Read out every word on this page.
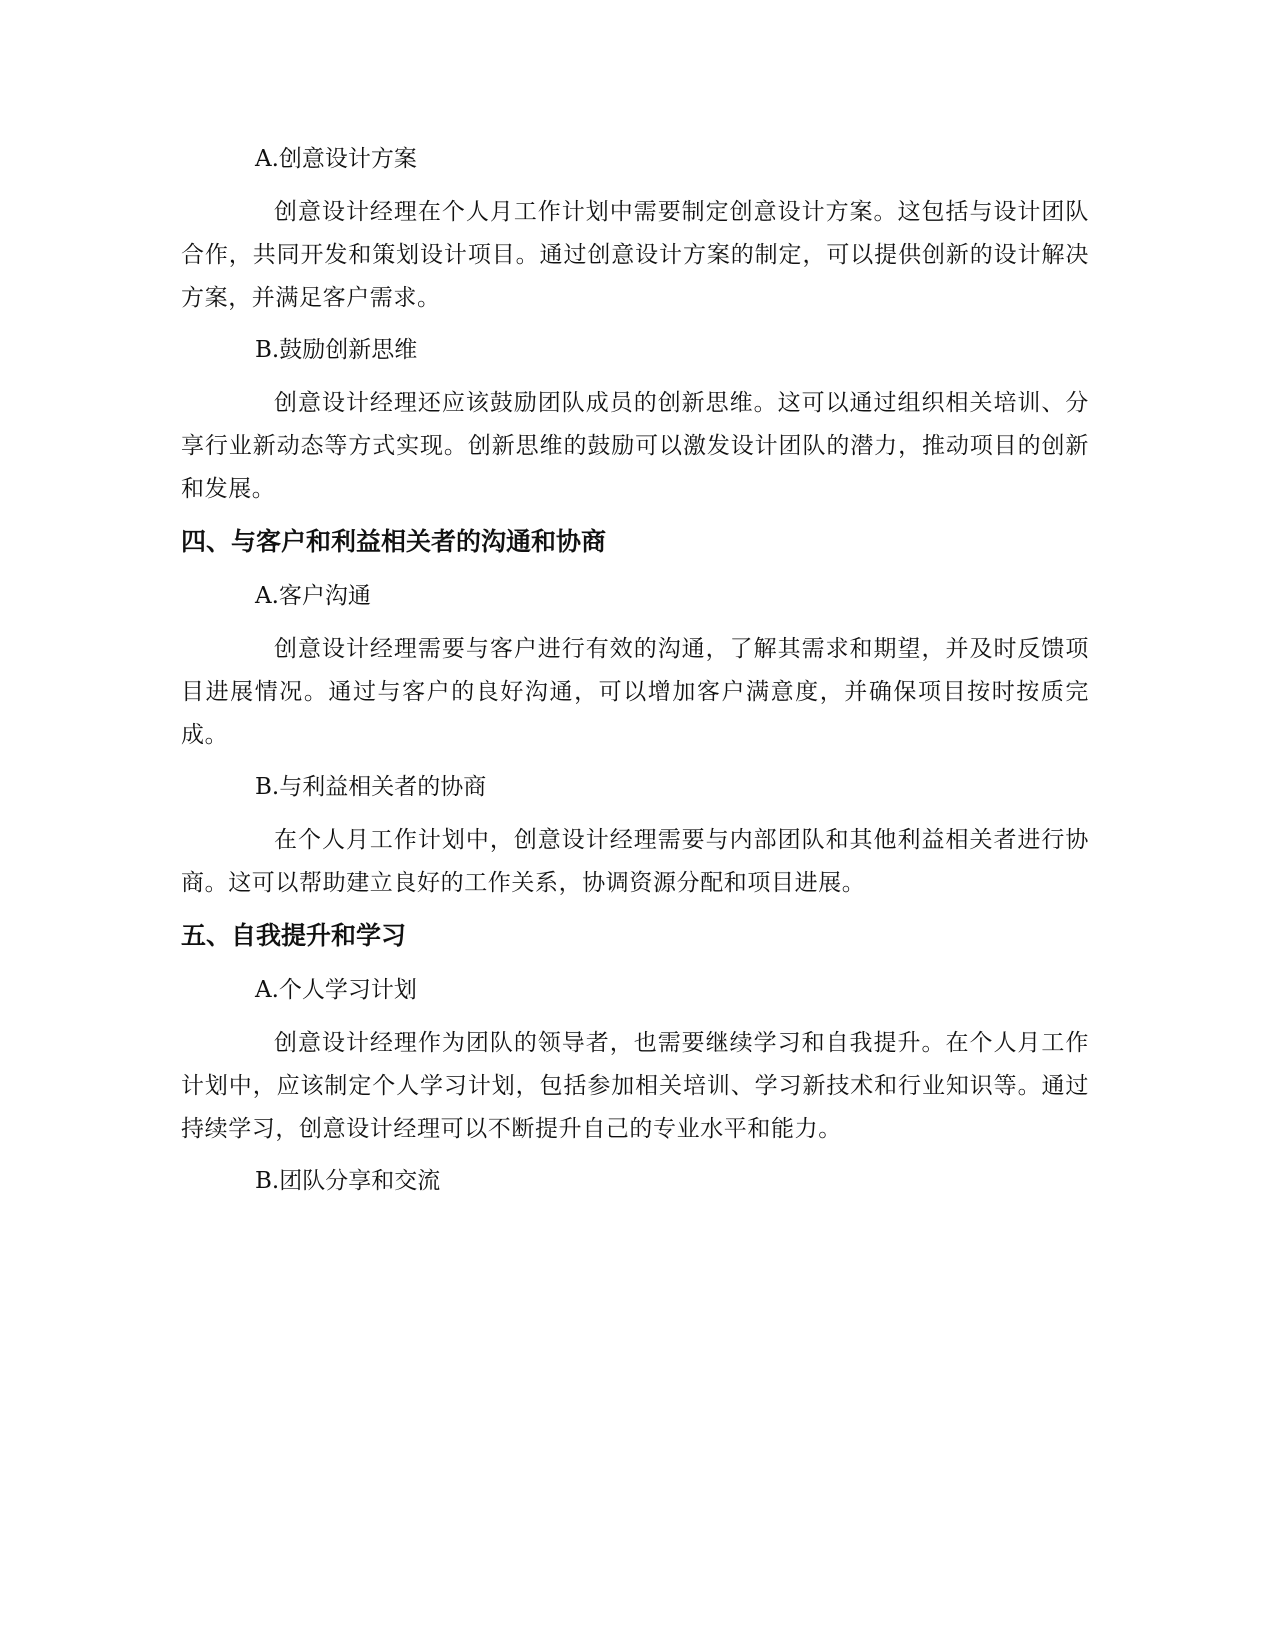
A.创意设计方案

创意设计经理在个人月工作计划中需要制定创意设计方案。这包括与设计团队合作，共同开发和策划设计项目。通过创意设计方案的制定，可以提供创新的设计解决方案，并满足客户需求。

B.鼓励创新思维

创意设计经理还应该鼓励团队成员的创新思维。这可以通过组织相关培训、分享行业新动态等方式实现。创新思维的鼓励可以激发设计团队的潜力，推动项目的创新和发展。

四、与客户和利益相关者的沟通和协商
A.客户沟通

创意设计经理需要与客户进行有效的沟通，了解其需求和期望，并及时反馈项目进展情况。通过与客户的良好沟通，可以增加客户满意度，并确保项目按时按质完成。

B.与利益相关者的协商

在个人月工作计划中，创意设计经理需要与内部团队和其他利益相关者进行协商。这可以帮助建立良好的工作关系，协调资源分配和项目进展。

五、自我提升和学习
A.个人学习计划

创意设计经理作为团队的领导者，也需要继续学习和自我提升。在个人月工作计划中，应该制定个人学习计划，包括参加相关培训、学习新技术和行业知识等。通过持续学习，创意设计经理可以不断提升自己的专业水平和能力。

B.团队分享和交流
